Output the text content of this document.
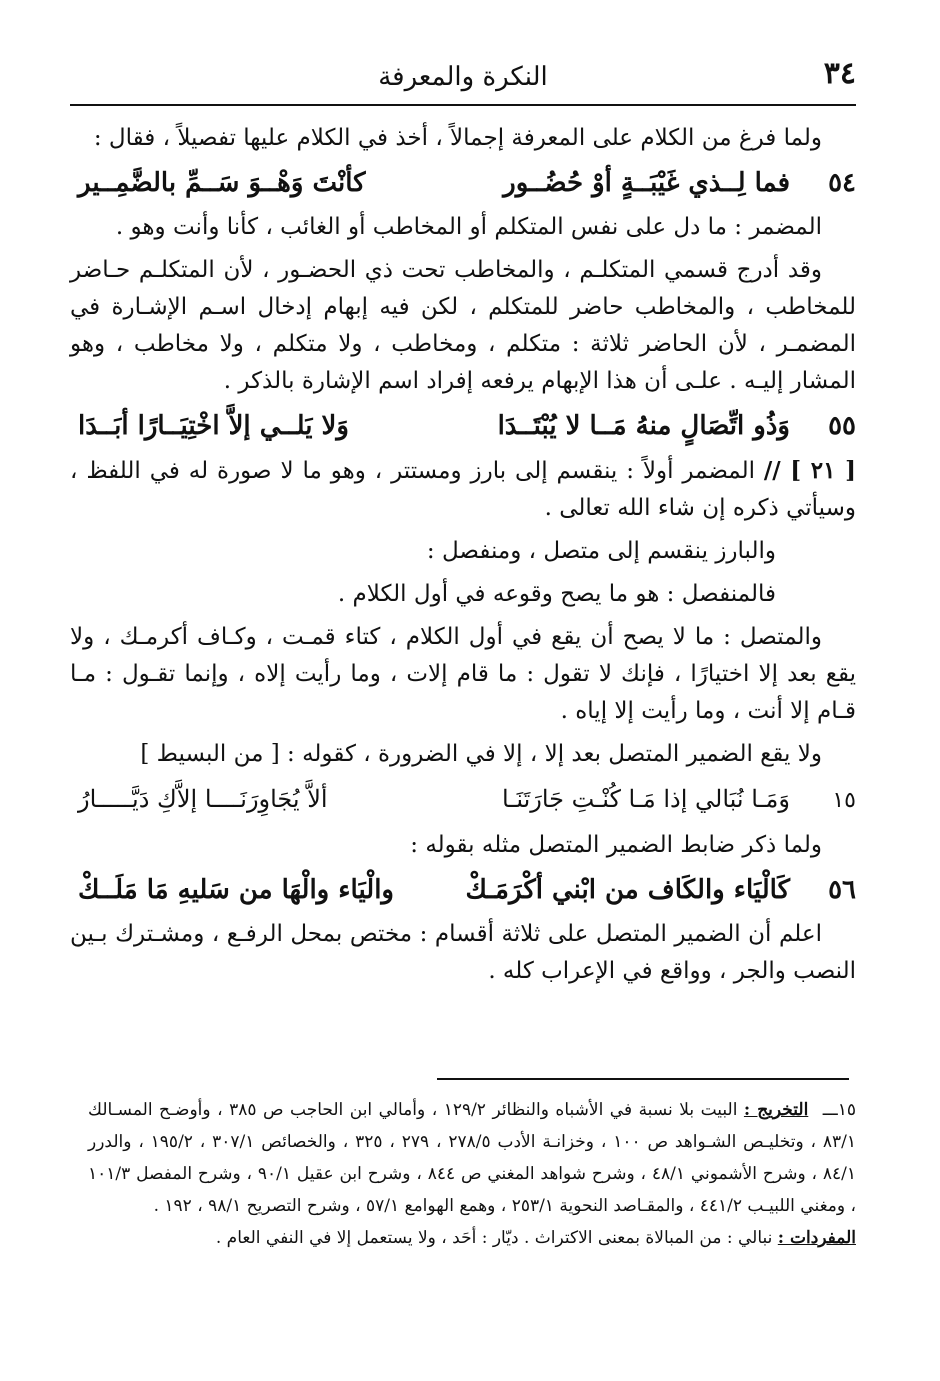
٣٤
النكرة والمعرفة

ولما فرغ من الكلام على المعرفة إجمالاً ، أخذ في الكلام عليها تفصيلاً ، فقال :

٥٤
فما لِــذي غَيْبَــةٍ أوْ حُضُــور
كأنْتَ وَهْــوَ سَــمِّ بالضَّمِــير

المضمر : ما دل على نفس المتكلم أو المخاطب أو الغائب ، كأنا وأنت وهو .

وقد أدرج قسمي المتكلـم ، والمخاطب تحت ذي الحضـور ، لأن المتكلـم حـاضر للمخاطب ، والمخاطب حاضر للمتكلم ، لكن فيه إبهام إدخال اسـم الإشـارة في المضمـر ، لأن الحاضر ثلاثة : متكلم ، ومخاطب ، ولا متكلم ، ولا مخاطب ، وهو المشار إليـه . علـى أن هذا الإبهام يرفعه إفراد اسم الإشارة بالذكر .

٥٥
وَذُو اتِّصَالٍ منهُ مَــا لا يُبْتَــدَا
وَلا يَلــي إلاَّ اخْتِيَــارًا أبَــدَا

[ ٢١ ] // المضمر أولاً : ينقسم إلى بارز ومستتر ، وهو ما لا صورة له في اللفظ ، وسيأتي ذكره إن شاء الله تعالى .

والبارز ينقسم إلى متصل ، ومنفصل :

فالمنفصل : هو ما يصح وقوعه في أول الكلام .

والمتصل : ما لا يصح أن يقع في أول الكلام ، كتاء قمـت ، وكـاف أكرمـك ، ولا يقع بعد إلا اختيارًا ، فإنك لا تقول : ما قام إلات ، وما رأيت إلاه ، وإنما تقـول : مـا قـام إلا أنت ، وما رأيت إلا إياه .

ولا يقع الضمير المتصل بعد إلا ، إلا في الضرورة ، كقوله : [ من البسيط ]

١٥
وَمَـا نُبَالي إذا مَـا كُنْـتِ جَارَتَنَـا
ألاَّ يُجَاوِرَنَــــا إلاَّكِ دَيَّـــــارُ

ولما ذكر ضابط الضمير المتصل مثله بقوله :

٥٦
كَالْيَاء والكَاف من ابْني أكْرَمَـكْ
والْيَاء والْهَا من سَليهِ مَا مَلَــكْ

اعلم أن الضمير المتصل على ثلاثة أقسام : مختص بمحل الرفـع ، ومشـترك بـين النصب والجر ، وواقع في الإعراب كله .

١٥ـــ التخريج : البيت بلا نسبة في الأشباه والنظائر ١٢٩/٢ ، وأمالي ابن الحاجب ص ٣٨٥ ، وأوضـح المسـالك ٨٣/١ ، وتخليـص الشـواهد ص ١٠٠ ، وخزانـة الأدب ٢٧٨/٥ ، ٢٧٩ ، ٣٢٥ ، والخصائص ٣٠٧/١ ، ١٩٥/٢ ، والدرر ٨٤/١ ، وشرح الأشموني ٤٨/١ ، وشرح شواهد المغني ص ٨٤٤ ، وشرح ابن عقيل ٩٠/١ ، وشرح المفصل ١٠١/٣ ، ومغني اللبيـب ٤٤١/٢ ، والمقـاصد النحوية ٢٥٣/١ ، وهمع الهوامع ٥٧/١ ، وشرح التصريح ٩٨/١ ، ١٩٢ .

المفردات : نبالي : من المبالاة بمعنى الاكتراث . ديّار : أحَد ، ولا يستعمل إلا في النفي العام .
